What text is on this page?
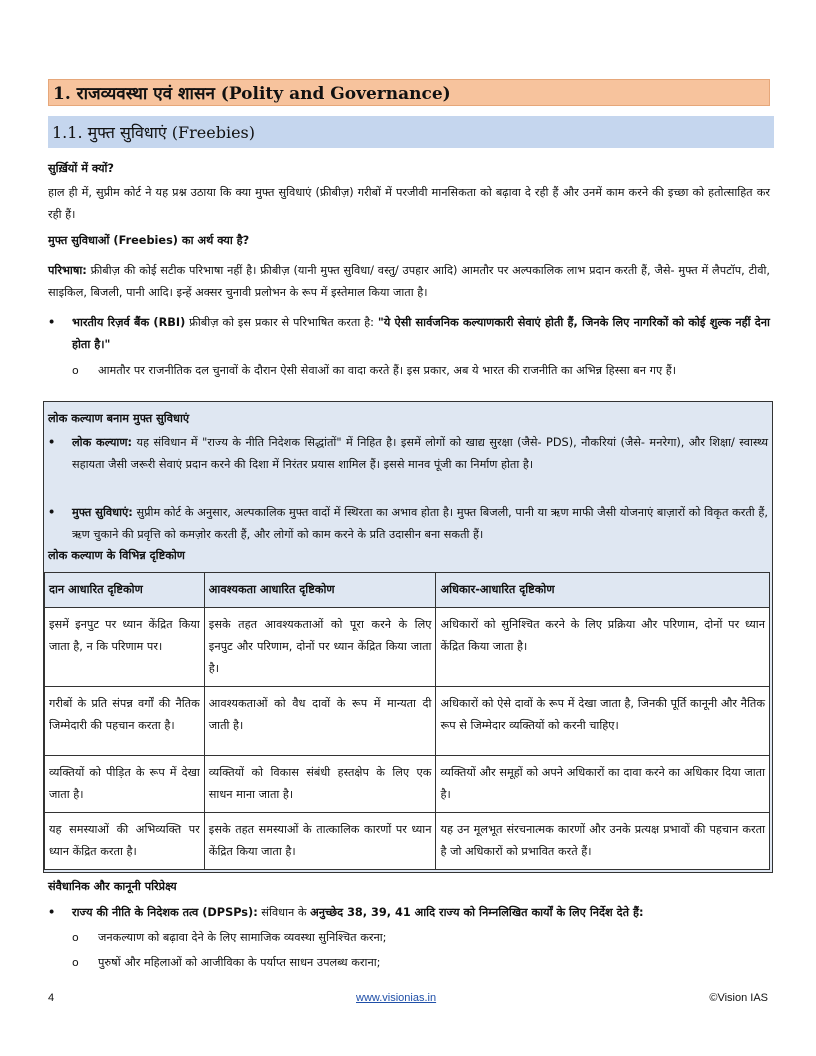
1. राजव्यवस्था एवं शासन (Polity and Governance)
1.1. मुफ्त सुविधाएं (Freebies)
सुर्ख़ियों में क्यों?
हाल ही में, सुप्रीम कोर्ट ने यह प्रश्न उठाया कि क्या मुफ्त सुविधाएं (फ्रीबीज़) गरीबों में परजीवी मानसिकता को बढ़ावा दे रही हैं और उनमें काम करने की इच्छा को हतोत्साहित कर रही हैं।
मुफ्त सुविधाओं (Freebies) का अर्थ क्या है?
परिभाषा: फ्रीबीज़ की कोई सटीक परिभाषा नहीं है। फ्रीबीज़ (यानी मुफ्त सुविधा/ वस्तु/ उपहार आदि) आमतौर पर अल्पकालिक लाभ प्रदान करती हैं, जैसे- मुफ्त में लैपटॉप, टीवी, साइकिल, बिजली, पानी आदि। इन्हें अक्सर चुनावी प्रलोभन के रूप में इस्तेमाल किया जाता है।
• भारतीय रिज़र्व बैंक (RBI) फ्रीबीज़ को इस प्रकार से परिभाषित करता है: "ये ऐसी सार्वजनिक कल्याणकारी सेवाएं होती हैं, जिनके लिए नागरिकों को कोई शुल्क नहीं देना होता है।"
o आमतौर पर राजनीतिक दल चुनावों के दौरान ऐसी सेवाओं का वादा करते हैं। इस प्रकार, अब ये भारत की राजनीति का अभिन्न हिस्सा बन गए हैं।
लोक कल्याण बनाम मुफ्त सुविधाएं
• लोक कल्याण: यह संविधान में "राज्य के नीति निदेशक सिद्धांतों" में निहित है। इसमें लोगों को खाद्य सुरक्षा (जैसे- PDS), नौकरियां (जैसे- मनरेगा), और शिक्षा/ स्वास्थ्य सहायता जैसी जरूरी सेवाएं प्रदान करने की दिशा में निरंतर प्रयास शामिल हैं। इससे मानव पूंजी का निर्माण होता है।
• मुफ्त सुविधाएं: सुप्रीम कोर्ट के अनुसार, अल्पकालिक मुफ्त वादों में स्थिरता का अभाव होता है। मुफ्त बिजली, पानी या ऋण माफी जैसी योजनाएं बाज़ारों को विकृत करती हैं, ऋण चुकाने की प्रवृत्ति को कमज़ोर करती हैं, और लोगों को काम करने के प्रति उदासीन बना सकती हैं।
लोक कल्याण के विभिन्न दृष्टिकोण
दान आधारित दृष्टिकोण	आवश्यकता आधारित दृष्टिकोण	अधिकार-आधारित दृष्टिकोण
इसमें इनपुट पर ध्यान केंद्रित किया जाता है, न कि परिणाम पर।	इसके तहत आवश्यकताओं को पूरा करने के लिए इनपुट और परिणाम, दोनों पर ध्यान केंद्रित किया जाता है।	अधिकारों को सुनिश्चित करने के लिए प्रक्रिया और परिणाम, दोनों पर ध्यान केंद्रित किया जाता है।
गरीबों के प्रति संपन्न वर्गों की नैतिक जिम्मेदारी की पहचान करता है।	आवश्यकताओं को वैध दावों के रूप में मान्यता दी जाती है।	अधिकारों को ऐसे दावों के रूप में देखा जाता है, जिनकी पूर्ति कानूनी और नैतिक रूप से जिम्मेदार व्यक्तियों को करनी चाहिए।
व्यक्तियों को पीड़ित के रूप में देखा जाता है।	व्यक्तियों को विकास संबंधी हस्तक्षेप के लिए एक साधन माना जाता है।	व्यक्तियों और समूहों को अपने अधिकारों का दावा करने का अधिकार दिया जाता है।
यह समस्याओं की अभिव्यक्ति पर ध्यान केंद्रित करता है।	इसके तहत समस्याओं के तात्कालिक कारणों पर ध्यान केंद्रित किया जाता है।	यह उन मूलभूत संरचनात्मक कारणों और उनके प्रत्यक्ष प्रभावों की पहचान करता है जो अधिकारों को प्रभावित करते हैं।
संवैधानिक और कानूनी परिप्रेक्ष्य
• राज्य की नीति के निदेशक तत्व (DPSPs): संविधान के अनुच्छेद 38, 39, 41 आदि राज्य को निम्नलिखित कार्यों के लिए निर्देश देते हैं:
o जनकल्याण को बढ़ावा देने के लिए सामाजिक व्यवस्था सुनिश्चित करना;
o पुरुषों और महिलाओं को आजीविका के पर्याप्त साधन उपलब्ध कराना;
4	www.visionias.in	©Vision IAS
